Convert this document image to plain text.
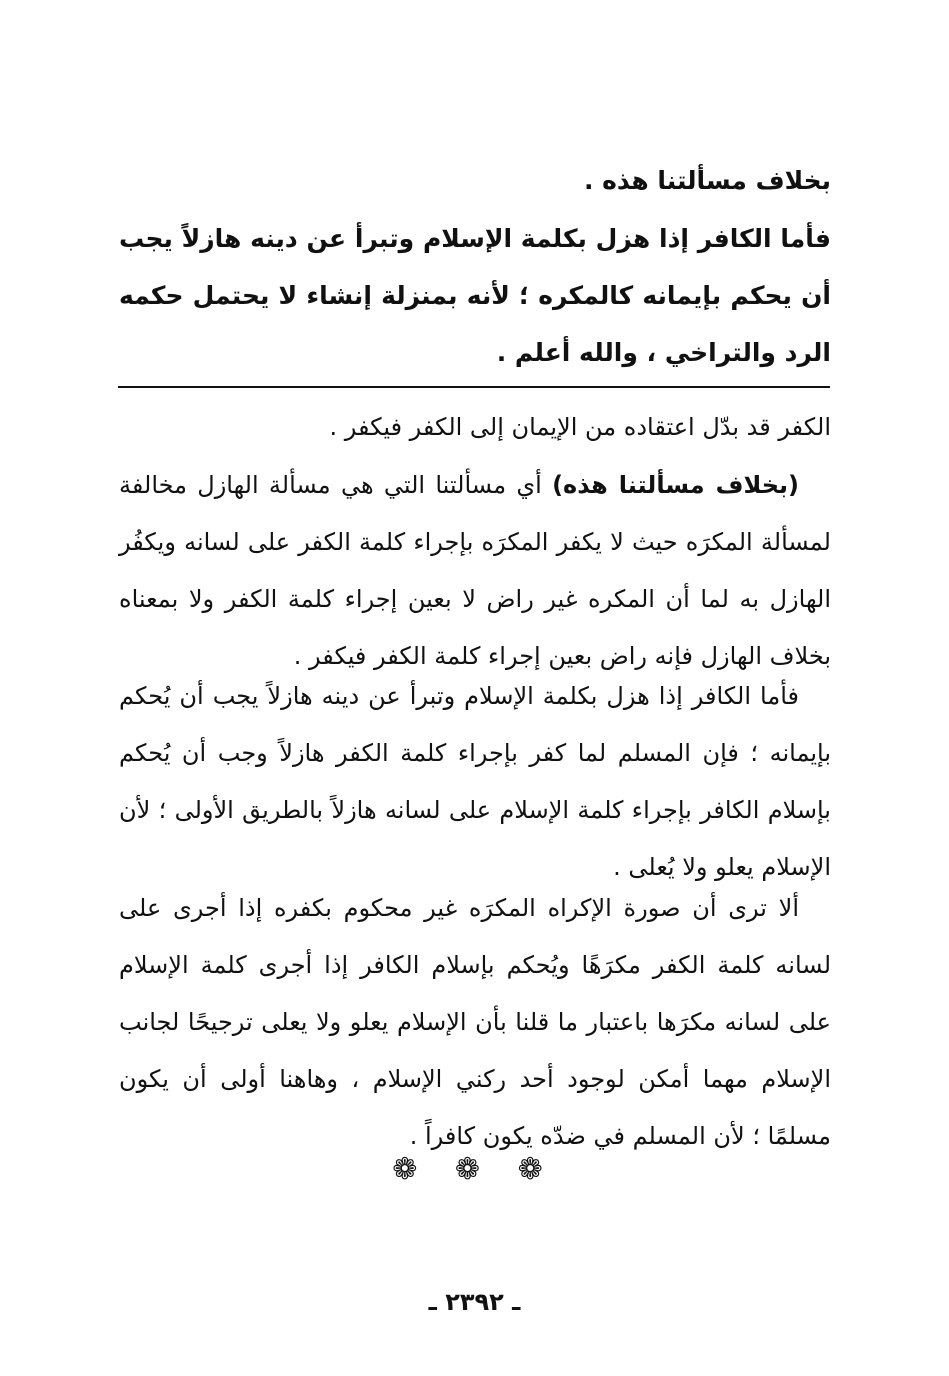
بخلاف مسألتنا هذه .

فأما الكافر إذا هزل بكلمة الإسلام وتبرأ عن دينه هازلاً يجب أن يحكم بإيمانه كالمكره ؛ لأنه بمنزلة إنشاء لا يحتمل حكمه الرد والتراخي ، والله أعلم .

الكفر قد بدّل اعتقاده من الإيمان إلى الكفر فيكفر .

(بخلاف مسألتنا هذه) أي مسألتنا التي هي مسألة الهازل مخالفة لمسألة المكرَه حيث لا يكفر المكرَه بإجراء كلمة الكفر على لسانه ويكفُر الهازل به لما أن المكره غير راض لا بعين إجراء كلمة الكفر ولا بمعناه بخلاف الهازل فإنه راض بعين إجراء كلمة الكفر فيكفر .

فأما الكافر إذا هزل بكلمة الإسلام وتبرأ عن دينه هازلاً يجب أن يُحكم بإيمانه ؛ فإن المسلم لما كفر بإجراء كلمة الكفر هازلاً وجب أن يُحكم بإسلام الكافر بإجراء كلمة الإسلام على لسانه هازلاً بالطريق الأولى ؛ لأن الإسلام يعلو ولا يُعلى .

ألا ترى أن صورة الإكراه المكرَه غير محكوم بكفره إذا أجرى على لسانه كلمة الكفر مكرَهًا ويُحكم بإسلام الكافر إذا أجرى كلمة الإسلام على لسانه مكرَها باعتبار ما قلنا بأن الإسلام يعلو ولا يعلى ترجيحًا لجانب الإسلام مهما أمكن لوجود أحد ركني الإسلام ، وهاهنا أولى أن يكون مسلمًا ؛ لأن المسلم في ضدّه يكون كافراً .

❁ ❁ ❁
ـ ٢٣٩٢ ـ
